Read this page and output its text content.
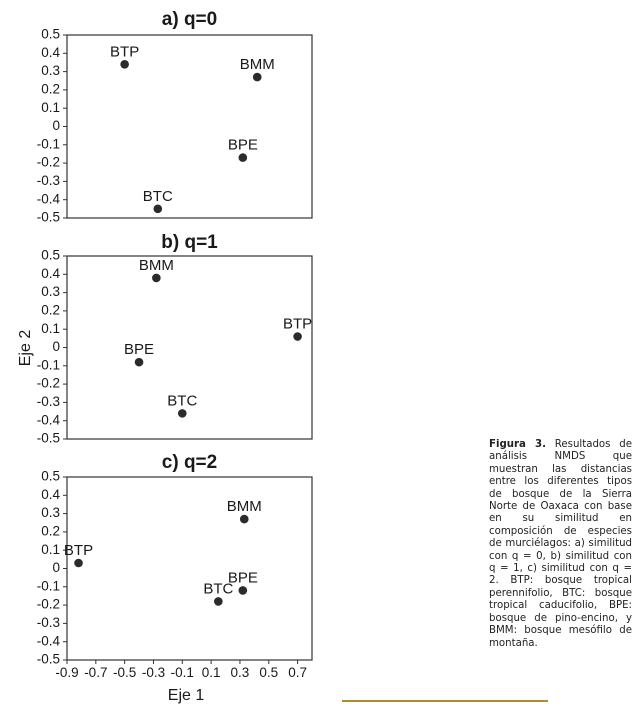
a) q=0
0.5
0.4
0.3
0.2
0.1
0
-0.1
-0.2
-0.3
-0.4
-0.5
BTP
BMM
BPE
BTC
b) q=1
0.5
0.4
0.3
0.2
0.1
0
-0.1
-0.2
-0.3
-0.4
-0.5
BMM
BTP
BPE
BTC
c) q=2
0.5
0.4
0.3
0.2
0.1
0
-0.1
-0.2
-0.3
-0.4
-0.5
-0.9 -0.7 -0.5 -0.3 -0.1 0.1 0.3 0.5 0.7
BMM
BTP
BTC
BPE
Eje 2
Eje 1
Figura 3. Resultados de análisis NMDS que muestran las distancias entre los diferentes tipos de bosque de la Sierra Norte de Oaxaca con base en su similitud en composición de especies de murciélagos: a) similitud con q = 0, b) similitud con q = 1, c) similitud con q = 2. BTP: bosque tropical perennifolio, BTC: bosque tropical caducifolio, BPE: bosque de pino-encino, y BMM: bosque mesófilo de montaña.
